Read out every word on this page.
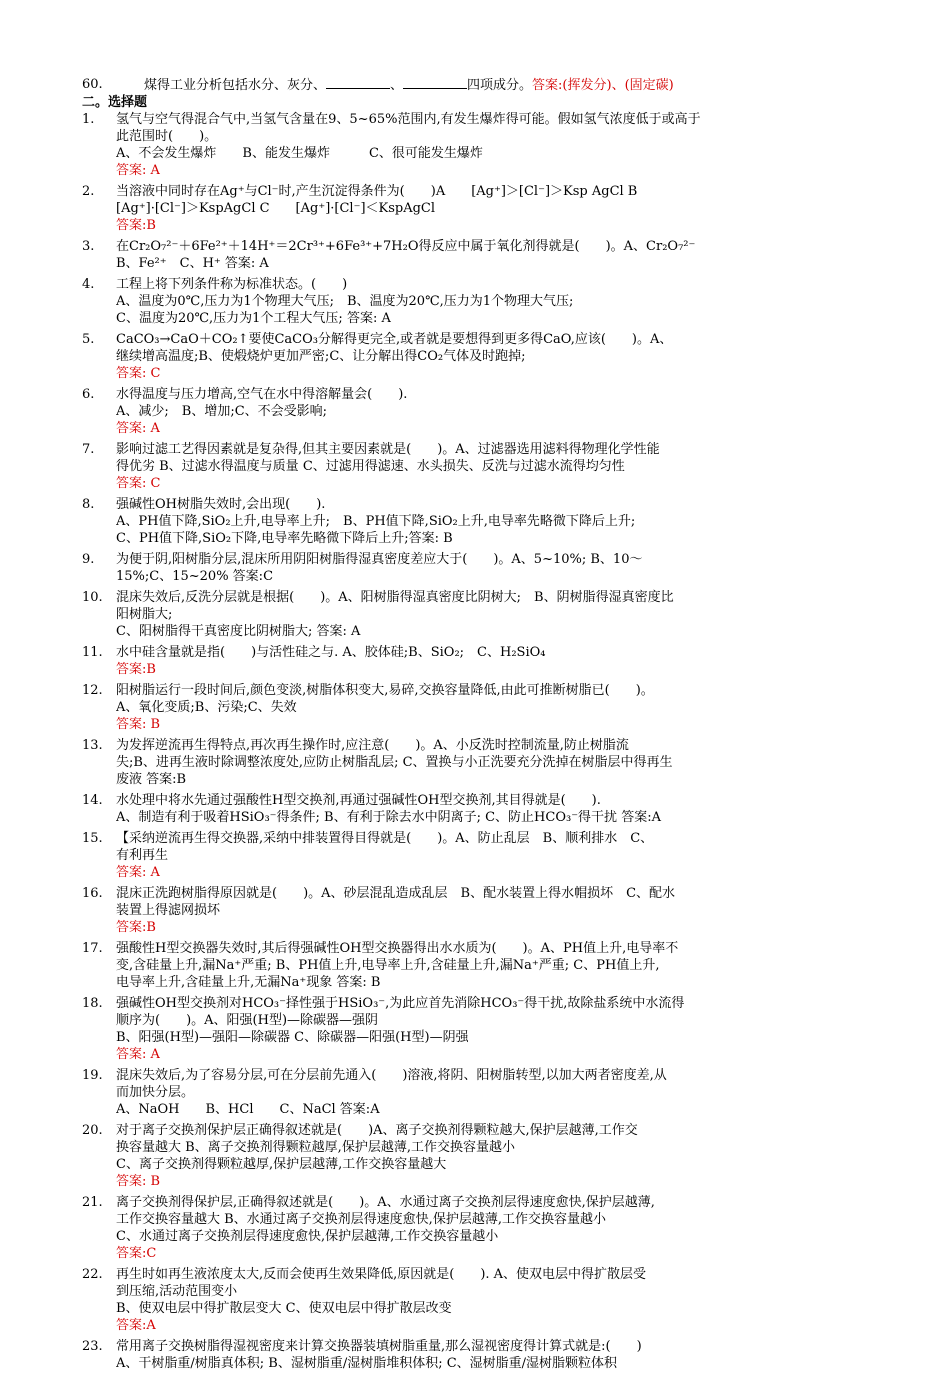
60.	煤得工业分析包括水分、灰分、	、	四项成分。答案:(挥发分)、(固定碳)
二。选择题
1.	氢气与空气得混合气中,当氢气含量在9、5~65%范围内,有发生爆炸得可能。假如氢气浓度低于或高于
此范围时(　　)。
A、不会发生爆炸　　B、能发生爆炸　　　C、很可能发生爆炸
答案: A
2.	当溶液中同时存在Ag⁺与Cl⁻时,产生沉淀得条件为(　　)A　　[Ag⁺]＞[Cl⁻]＞Ksp AgCl B
[Ag⁺]·[Cl⁻]＞KspAgCl C　　[Ag⁺]·[Cl⁻]＜KspAgCl
答案:B
3.	在Cr₂O₇²⁻＋6Fe²⁺＋14H⁺＝2Cr³⁺+6Fe³⁺+7H₂O得反应中属于氧化剂得就是(　　)。A、Cr₂O₇²⁻
B、Fe²⁺　C、H⁺ 答案: A
4.	工程上将下列条件称为标准状态。(　　)
A、温度为0℃,压力为1个物理大气压;　B、温度为20℃,压力为1个物理大气压;
C、温度为20℃,压力为1个工程大气压; 答案: A
5.	CaCO₃→CaO＋CO₂↑要使CaCO₃分解得更完全,或者就是要想得到更多得CaO,应该(　　)。A、
继续增高温度;B、使煅烧炉更加严密;C、让分解出得CO₂气体及时跑掉;
答案: C
6.	水得温度与压力增高,空气在水中得溶解量会(　　).
A、减少;　B、增加;C、不会受影响;
答案: A
7.	影响过滤工艺得因素就是复杂得,但其主要因素就是(　　)。A、过滤器选用滤料得物理化学性能
得优劣 B、过滤水得温度与质量 C、过滤用得滤速、水头损失、反洗与过滤水流得均匀性
答案: C
8.	强碱性OH树脂失效时,会出现(　　).
A、PH值下降,SiO₂上升,电导率上升;　B、PH值下降,SiO₂上升,电导率先略微下降后上升;
C、PH值下降,SiO₂下降,电导率先略微下降后上升;答案: B
9.	为便于阴,阳树脂分层,混床所用阴阳树脂得湿真密度差应大于(　　)。A、5~10%; B、10～
15%;C、15~20% 答案:C
10.	混床失效后,反洗分层就是根据(　　)。A、阳树脂得湿真密度比阴树大;　B、阴树脂得湿真密度比
阳树脂大;
C、阳树脂得干真密度比阴树脂大; 答案: A
11.	水中硅含量就是指(　　)与活性硅之与. A、胶体硅;B、SiO₂;　C、H₂SiO₄
答案:B
12.	阳树脂运行一段时间后,颜色变淡,树脂体积变大,易碎,交换容量降低,由此可推断树脂已(　　)。
A、氧化变质;B、污染;C、失效
答案: B
13.	为发挥逆流再生得特点,再次再生操作时,应注意(　　)。A、小反洗时控制流量,防止树脂流
失;B、进再生液时除调整浓度处,应防止树脂乱层; C、置换与小正洗要充分洗掉在树脂层中得再生
废液 答案:B
14.	水处理中将水先通过强酸性H型交换剂,再通过强碱性OH型交换剂,其目得就是(　　).
A、制造有利于吸着HSiO₃⁻得条件; B、有利于除去水中阴离子; C、防止HCO₃⁻得干扰 答案:A
15.	【采纳逆流再生得交换器,采纳中排装置得目得就是(　　)。A、防止乱层　B、顺利排水　C、
有利再生
答案: A
16.	混床正洗跑树脂得原因就是(　　)。A、砂层混乱造成乱层　B、配水装置上得水帽损坏　C、配水
装置上得滤网损坏
答案:B
17.	强酸性H型交换器失效时,其后得强碱性OH型交换器得出水水质为(　　)。A、PH值上升,电导率不
变,含硅量上升,漏Na⁺严重; B、PH值上升,电导率上升,含硅量上升,漏Na⁺严重; C、PH值上升,
电导率上升,含硅量上升,无漏Na⁺现象 答案: B
18.	强碱性OH型交换剂对HCO₃⁻择性强于HSiO₃⁻,为此应首先消除HCO₃⁻得干扰,故除盐系统中水流得
顺序为(　　)。A、阳强(H型)—除碳器—强阴
B、阳强(H型)—强阳—除碳器 C、除碳器—阳强(H型)—阴强
答案: A
19.	混床失效后,为了容易分层,可在分层前先通入(　　)溶液,将阴、阳树脂转型,以加大两者密度差,从
而加快分层。
A、NaOH　　B、HCl　　C、NaCl 答案:A
20.	对于离子交换剂保护层正确得叙述就是(　　)A、离子交换剂得颗粒越大,保护层越薄,工作交
换容量越大 B、离子交换剂得颗粒越厚,保护层越薄,工作交换容量越小
C、离子交换剂得颗粒越厚,保护层越薄,工作交换容量越大
答案: B
21.	离子交换剂得保护层,正确得叙述就是(　　)。A、水通过离子交换剂层得速度愈快,保护层越薄,
工作交换容量越大 B、水通过离子交换剂层得速度愈快,保护层越薄,工作交换容量越小
C、水通过离子交换剂层得速度愈快,保护层越薄,工作交换容量越小
答案:C
22.	再生时如再生液浓度太大,反而会使再生效果降低,原因就是(　　). A、使双电层中得扩散层受
到压缩,活动范围变小
B、使双电层中得扩散层变大 C、使双电层中得扩散层改变
答案:A
23.	常用离子交换树脂得湿视密度来计算交换器装填树脂重量,那么湿视密度得计算式就是:(　　)
A、干树脂重/树脂真体积; B、湿树脂重/湿树脂堆积体积; C、湿树脂重/湿树脂颗粒体积
